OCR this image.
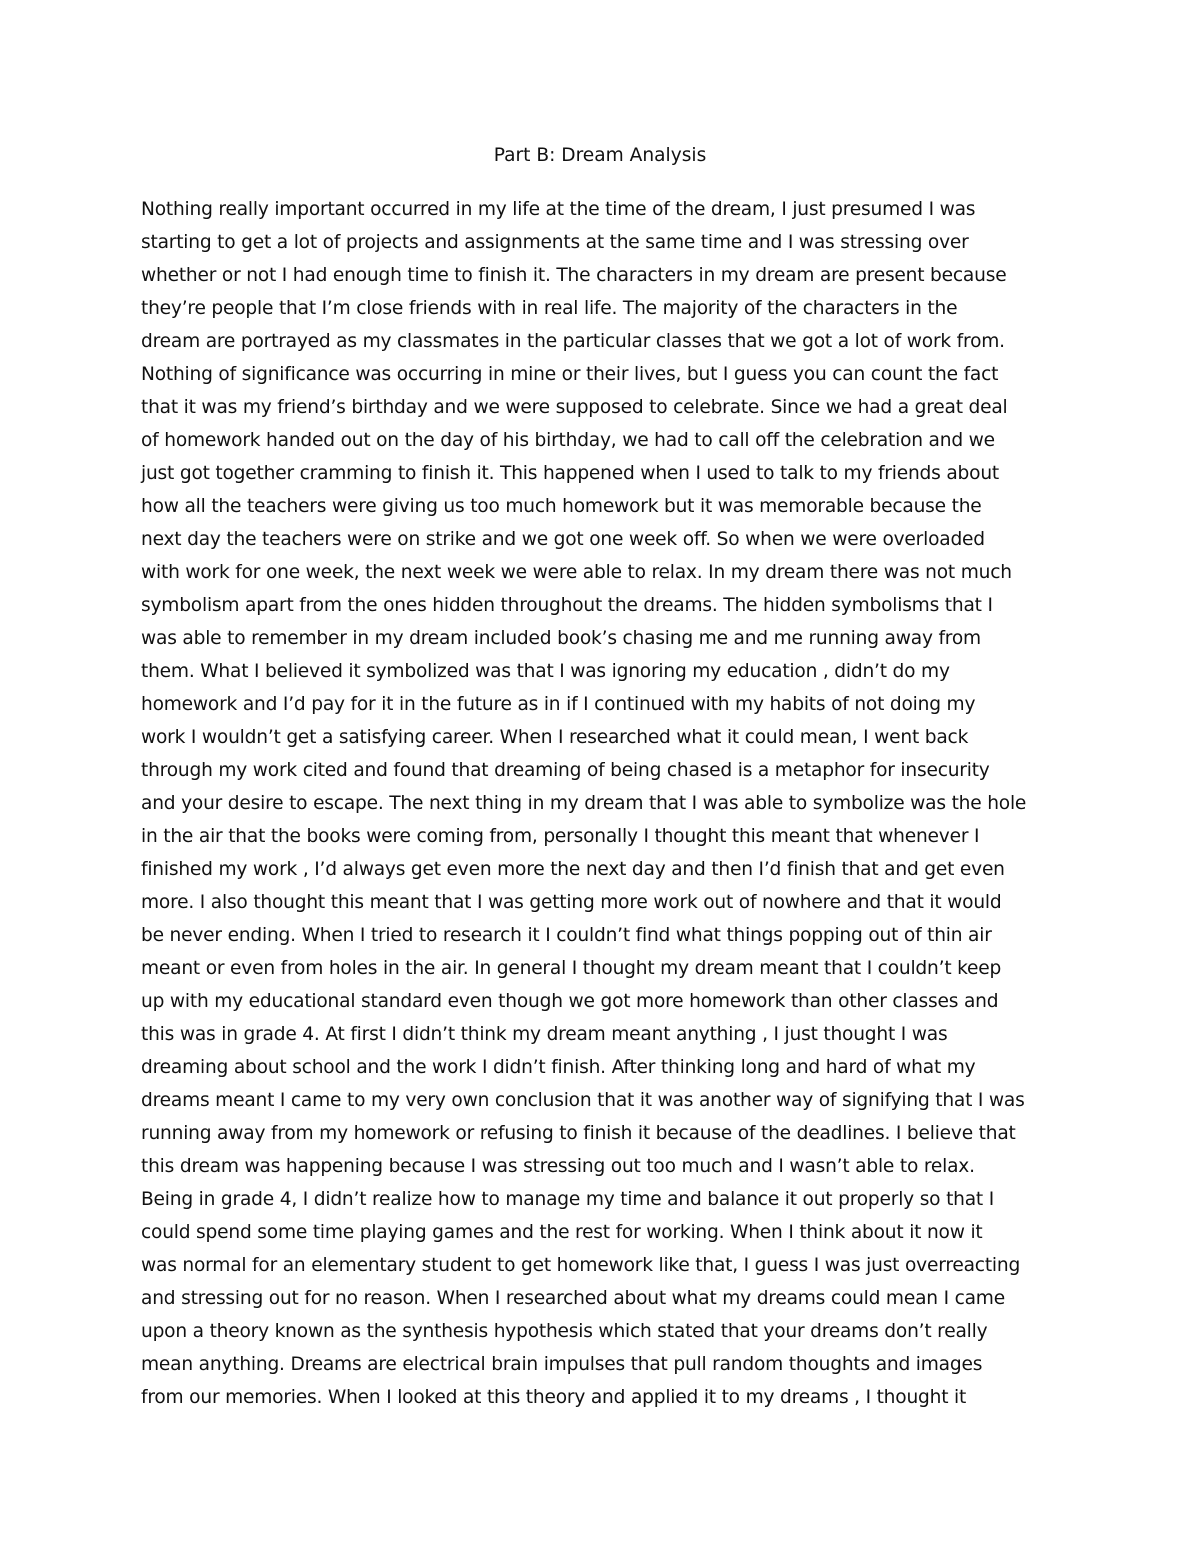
Part B: Dream Analysis
Nothing really important occurred in my life at the time of the dream, I just presumed I was
starting to get a lot of projects and assignments at the same time and I was stressing over
whether or not I had enough time to finish it. The characters in my dream are present because
they’re people that I’m close friends with in real life. The majority of the characters in the
dream are portrayed as my classmates in the particular classes that we got a lot of work from.
Nothing of significance was occurring in mine or their lives, but I guess you can count the fact
that it was my friend’s birthday and we were supposed to celebrate. Since we had a great deal
of homework handed out on the day of his birthday, we had to call off the celebration and we
just got together cramming to finish it. This happened when I used to talk to my friends about
how all the teachers were giving us too much homework but it was memorable because the
next day the teachers were on strike and we got one week off. So when we were overloaded
with work for one week, the next week we were able to relax. In my dream there was not much
symbolism apart from the ones hidden throughout the dreams. The hidden symbolisms that I
was able to remember in my dream included book’s chasing me and me running away from
them. What I believed it symbolized was that I was ignoring my education , didn’t do my
homework and I’d pay for it in the future as in if I continued with my habits of not doing my
work I wouldn’t get a satisfying career. When I researched what it could mean, I went back
through my work cited and found that dreaming of being chased is a metaphor for insecurity
and your desire to escape. The next thing in my dream that I was able to symbolize was the hole
in the air that the books were coming from, personally I thought this meant that whenever I
finished my work , I’d always get even more the next day and then I’d finish that and get even
more. I also thought this meant that I was getting more work out of nowhere and that it would
be never ending. When I tried to research it I couldn’t find what things popping out of thin air
meant or even from holes in the air. In general I thought my dream meant that I couldn’t keep
up with my educational standard even though we got more homework than other classes and
this was in grade 4. At first I didn’t think my dream meant anything , I just thought I was
dreaming about school and the work I didn’t finish. After thinking long and hard of what my
dreams meant I came to my very own conclusion that it was another way of signifying that I was
running away from my homework or refusing to finish it because of the deadlines. I believe that
this dream was happening because I was stressing out too much and I wasn’t able to relax.
Being in grade 4, I didn’t realize how to manage my time and balance it out properly so that I
could spend some time playing games and the rest for working. When I think about it now it
was normal for an elementary student to get homework like that, I guess I was just overreacting
and stressing out for no reason. When I researched about what my dreams could mean I came
upon a theory known as the synthesis hypothesis which stated that your dreams don’t really
mean anything. Dreams are electrical brain impulses that pull random thoughts and images
from our memories. When I looked at this theory and applied it to my dreams , I thought it
